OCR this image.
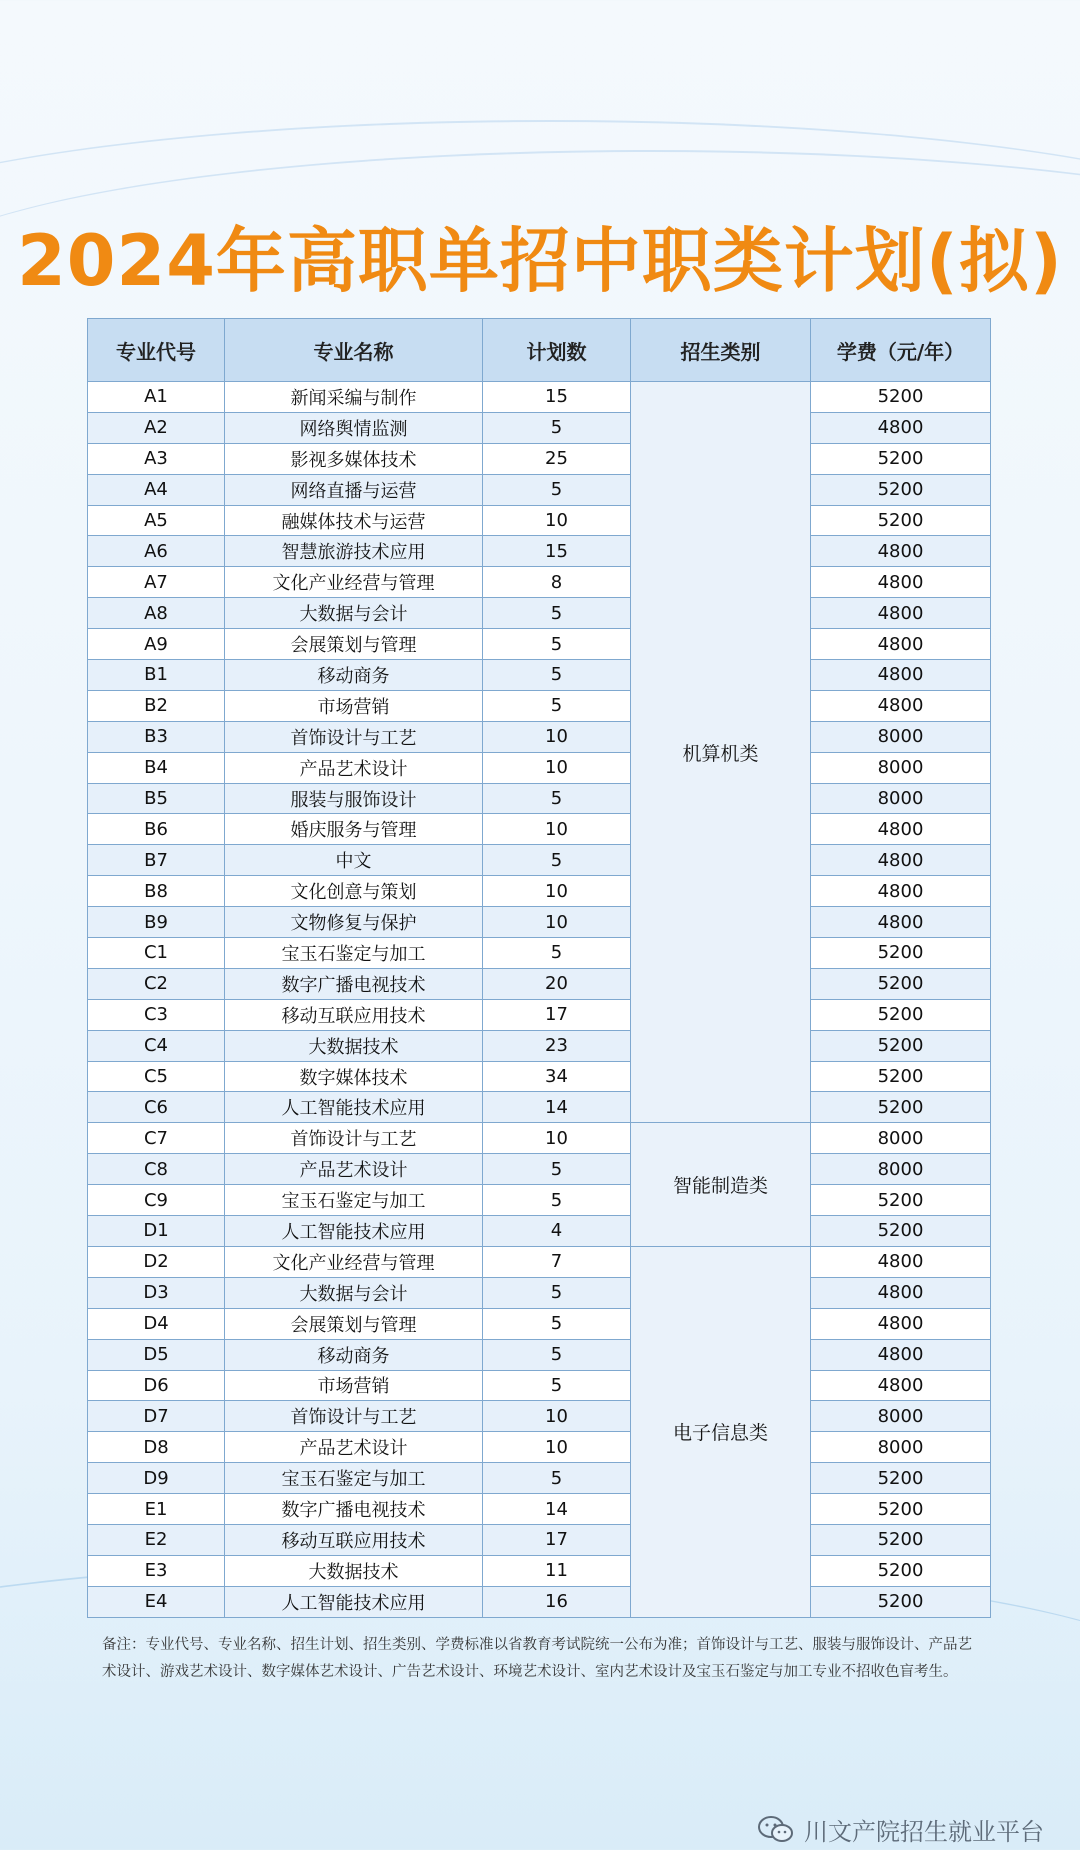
2024年高职单招中职类计划(拟)
专业代号	专业名称	计划数	招生类别	学费（元/年）
A1	新闻采编与制作	15	机算机类	5200
A2	网络舆情监测	5		4800
A3	影视多媒体技术	25		5200
A4	网络直播与运营	5		5200
A5	融媒体技术与运营	10		5200
A6	智慧旅游技术应用	15		4800
A7	文化产业经营与管理	8		4800
A8	大数据与会计	5		4800
A9	会展策划与管理	5		4800
B1	移动商务	5		4800
B2	市场营销	5		4800
B3	首饰设计与工艺	10		8000
B4	产品艺术设计	10		8000
B5	服装与服饰设计	5		8000
B6	婚庆服务与管理	10		4800
B7	中文	5		4800
B8	文化创意与策划	10		4800
B9	文物修复与保护	10		4800
C1	宝玉石鉴定与加工	5		5200
C2	数字广播电视技术	20		5200
C3	移动互联应用技术	17		5200
C4	大数据技术	23		5200
C5	数字媒体技术	34		5200
C6	人工智能技术应用	14		5200
C7	首饰设计与工艺	10	智能制造类	8000
C8	产品艺术设计	5		8000
C9	宝玉石鉴定与加工	5		5200
D1	人工智能技术应用	4		5200
D2	文化产业经营与管理	7	电子信息类	4800
D3	大数据与会计	5		4800
D4	会展策划与管理	5		4800
D5	移动商务	5		4800
D6	市场营销	5		4800
D7	首饰设计与工艺	10		8000
D8	产品艺术设计	10		8000
D9	宝玉石鉴定与加工	5		5200
E1	数字广播电视技术	14		5200
E2	移动互联应用技术	17		5200
E3	大数据技术	11		5200
E4	人工智能技术应用	16		5200
备注：专业代号、专业名称、招生计划、招生类别、学费标准以省教育考试院统一公布为准；首饰设计与工艺、服装与服饰设计、产品艺术设计、游戏艺术设计、数字媒体艺术设计、广告艺术设计、环境艺术设计、室内艺术设计及宝玉石鉴定与加工专业不招收色盲考生。
川文产院招生就业平台
